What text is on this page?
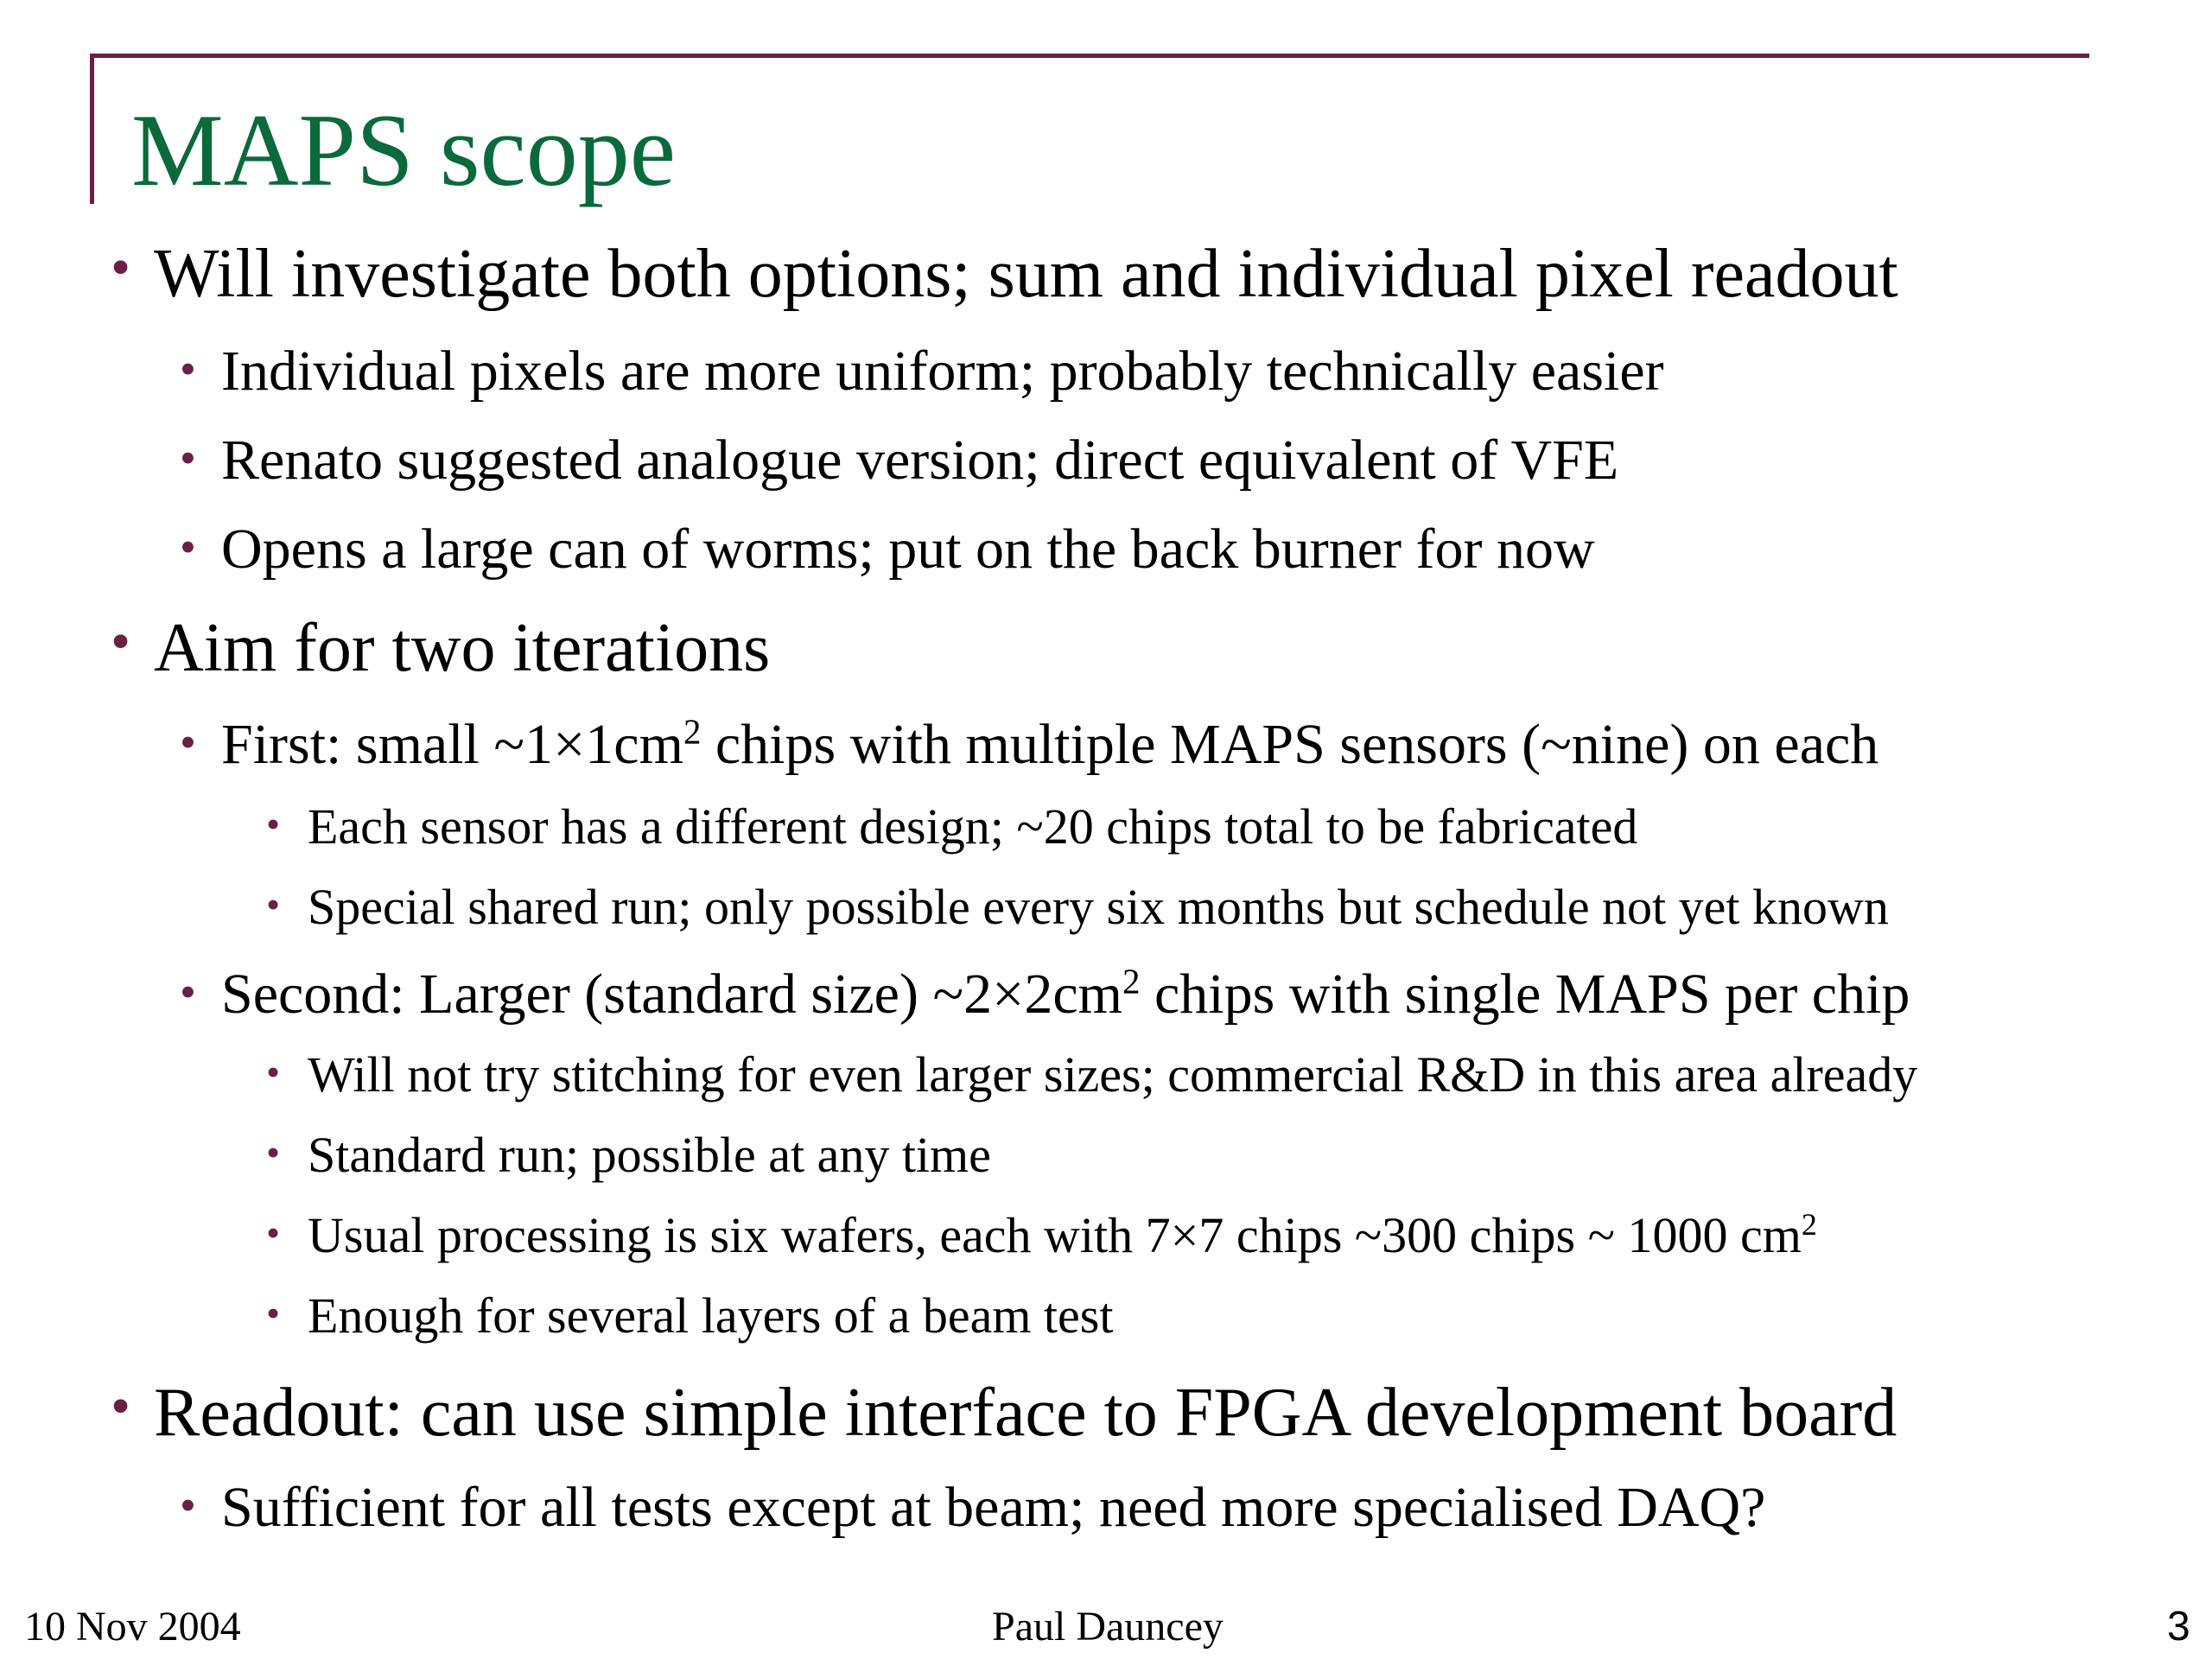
MAPS scope
• Will investigate both options; sum and individual pixel readout
• Individual pixels are more uniform; probably technically easier
• Renato suggested analogue version; direct equivalent of VFE
• Opens a large can of worms; put on the back burner for now
• Aim for two iterations
• First: small $\sim 1\times 1cm^2$ chips with multiple MAPS sensors (~nine) on each
• Each sensor has a different design; ~20 chips total to be fabricated
• Special shared run; only possible every six months but schedule not yet known
• Second: Larger (standard size) $\sim 2\times 2cm^2$ chips with single MAPS per chip
• Will not try stitching for even larger sizes; commercial R&D in this area already
• Standard run; possible at any time
• Usual processing is six wafers, each with 7×7 chips ~300 chips ~ 1000 $cm^2$
• Enough for several layers of a beam test
• Readout: can use simple interface to FPGA development board
• Sufficient for all tests except at beam; need more specialised DAQ?
10 Nov 2004	Paul Dauncey	3
